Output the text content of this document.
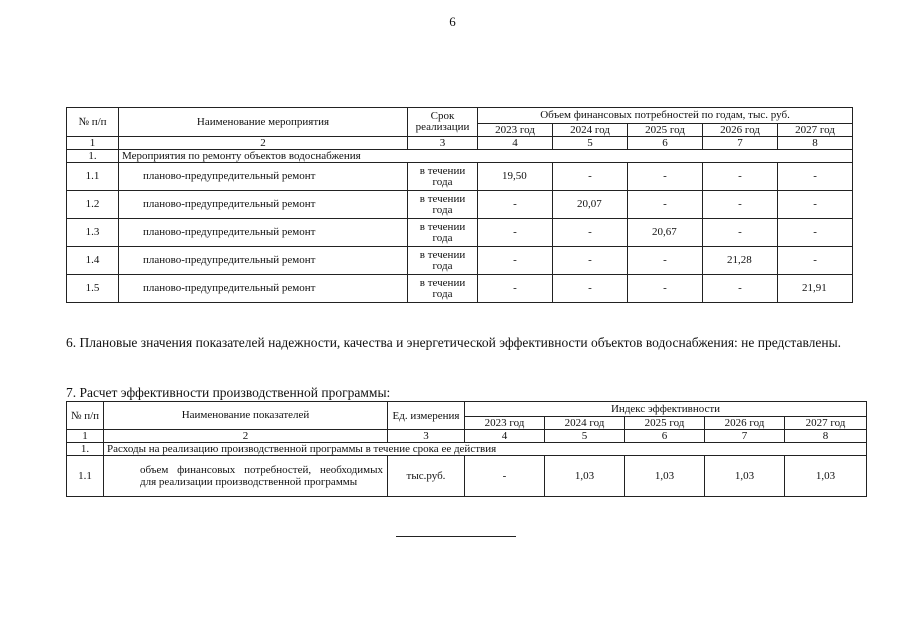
6
№ п/п	Наименование мероприятия	Срок реализации	Объем финансовых потребностей по годам, тыс. руб.				
			2023 год	2024 год	2025 год	2026 год	2027 год
1	2	3	4	5	6	7	8
1.	Мероприятия по ремонту объектов водоснабжения						
1.1	планово-предупредительный ремонт	в течении года	19,50	-	-	-	-
1.2	планово-предупредительный ремонт	в течении года	-	20,07	-	-	-
1.3	планово-предупредительный ремонт	в течении года	-	-	20,67	-	-
1.4	планово-предупредительный ремонт	в течении года	-	-	-	21,28	-
1.5	планово-предупредительный ремонт	в течении года	-	-	-	-	21,91
6. Плановые значения показателей надежности, качества и энергетической эффективности объектов водоснабжения: не представлены.
7. Расчет эффективности производственной программы:
№ п/п	Наименование показателей	Ед. измерения	Индекс эффективности				
			2023 год	2024 год	2025 год	2026 год	2027 год
1	2	3	4	5	6	7	8
1.	Расходы на реализацию производственной программы в течение срока ее действия						
1.1	объем финансовых потребностей, необходимых для реализации производственной программы	тыс.руб.	-	1,03	1,03	1,03	1,03
